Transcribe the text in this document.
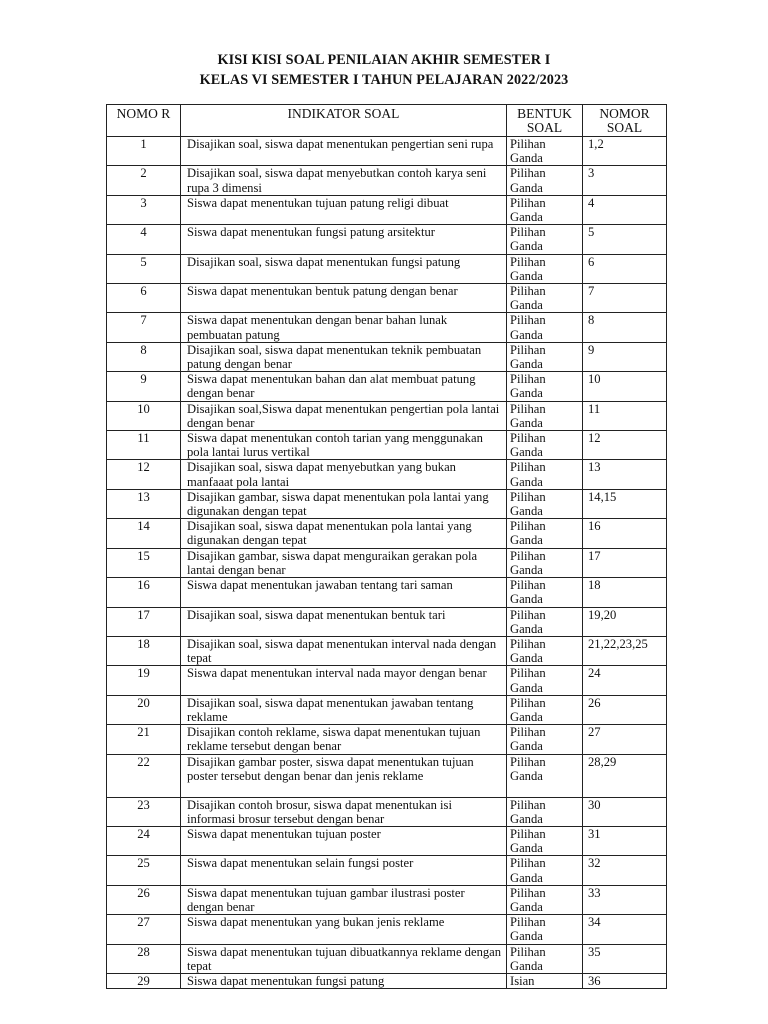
KISI KISI SOAL PENILAIAN AKHIR SEMESTER I
KELAS VI SEMESTER I TAHUN PELAJARAN 2022/2023
NOMO R	INDIKATOR SOAL	BENTUK SOAL	NOMOR SOAL
1	Disajikan soal, siswa dapat menentukan pengertian seni rupa	Pilihan Ganda	1,2
2	Disajikan soal, siswa dapat menyebutkan contoh karya seni rupa 3 dimensi	Pilihan Ganda	3
3	Siswa dapat menentukan tujuan patung religi dibuat	Pilihan Ganda	4
4	Siswa dapat menentukan fungsi patung arsitektur	Pilihan Ganda	5
5	Disajikan soal, siswa dapat menentukan fungsi patung	Pilihan Ganda	6
6	Siswa dapat menentukan bentuk patung dengan benar	Pilihan Ganda	7
7	Siswa dapat menentukan dengan benar bahan lunak pembuatan patung	Pilihan Ganda	8
8	Disajikan soal, siswa dapat menentukan teknik pembuatan patung dengan benar	Pilihan Ganda	9
9	Siswa dapat menentukan bahan dan alat membuat patung dengan benar	Pilihan Ganda	10
10	Disajikan soal,Siswa dapat menentukan pengertian pola lantai dengan benar	Pilihan Ganda	11
11	Siswa dapat menentukan contoh tarian yang menggunakan pola lantai lurus vertikal	Pilihan Ganda	12
12	Disajikan soal, siswa dapat menyebutkan yang bukan manfaaat pola lantai	Pilihan Ganda	13
13	Disajikan gambar, siswa dapat menentukan pola lantai yang digunakan dengan tepat	Pilihan Ganda	14,15
14	Disajikan soal, siswa dapat menentukan pola lantai yang digunakan dengan tepat	Pilihan Ganda	16
15	Disajikan gambar, siswa dapat menguraikan gerakan pola lantai dengan benar	Pilihan Ganda	17
16	Siswa dapat menentukan jawaban tentang tari saman	Pilihan Ganda	18
17	Disajikan soal, siswa dapat menentukan bentuk tari	Pilihan Ganda	19,20
18	Disajikan soal, siswa dapat menentukan interval nada dengan tepat	Pilihan Ganda	21,22,23,25
19	Siswa dapat menentukan interval nada mayor dengan benar	Pilihan Ganda	24
20	Disajikan soal, siswa dapat menentukan jawaban tentang reklame	Pilihan Ganda	26
21	Disajikan contoh reklame, siswa dapat menentukan tujuan reklame tersebut dengan benar	Pilihan Ganda	27
22	Disajikan gambar poster, siswa dapat menentukan tujuan poster tersebut dengan benar dan jenis reklame	Pilihan Ganda	28,29
23	Disajikan contoh brosur, siswa dapat menentukan isi informasi brosur tersebut dengan benar	Pilihan Ganda	30
24	Siswa dapat menentukan tujuan poster	Pilihan Ganda	31
25	Siswa dapat menentukan selain fungsi poster	Pilihan Ganda	32
26	Siswa dapat menentukan tujuan gambar ilustrasi poster dengan benar	Pilihan Ganda	33
27	Siswa dapat menentukan yang bukan jenis reklame	Pilihan Ganda	34
28	Siswa dapat menentukan tujuan dibuatkannya reklame dengan tepat	Pilihan Ganda	35
29	Siswa dapat menentukan fungsi patung	Isian	36
